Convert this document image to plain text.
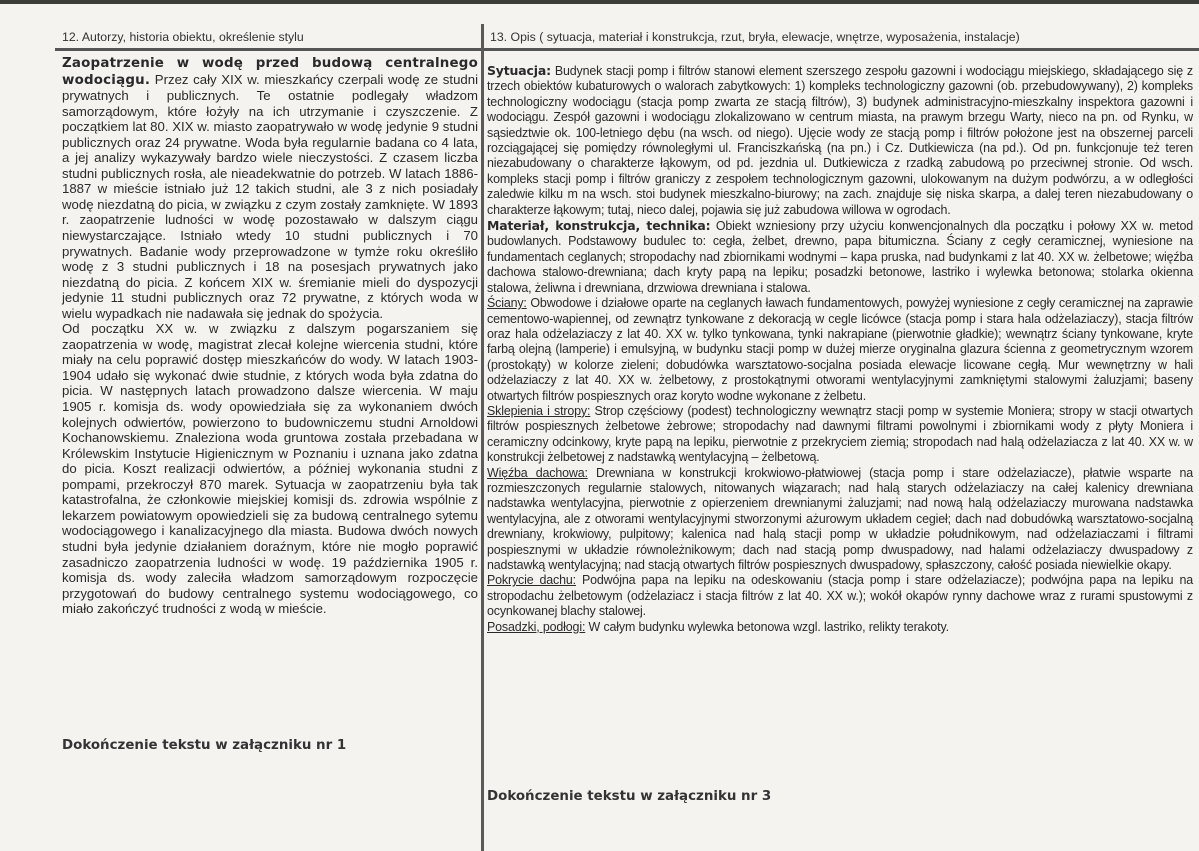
12. Autorzy, historia obiektu, określenie stylu	13. Opis ( sytuacja, materiał i konstrukcja, rzut, bryła, elewacje, wnętrze, wyposażenia, instalacje)

Zaopatrzenie w wodę przed budową centralnego wodociągu. Przez cały XIX w. mieszkańcy czerpali wodę ze studni prywatnych i publicznych. Te ostatnie podlegały władzom samorządowym, które łożyły na ich utrzymanie i czyszczenie. Z początkiem lat 80. XIX w. miasto zaopatrywało w wodę jedynie 9 studni publicznych oraz 24 prywatne. Woda była regularnie badana co 4 lata, a jej analizy wykazywały bardzo wiele nieczystości. Z czasem liczba studni publicznych rosła, ale nieadekwatnie do potrzeb. W latach 1886-1887 w mieście istniało już 12 takich studni, ale 3 z nich posiadały wodę niezdatną do picia, w związku z czym zostały zamknięte. W 1893 r. zaopatrzenie ludności w wodę pozostawało w dalszym ciągu niewystarczające. Istniało wtedy 10 studni publicznych i 70 prywatnych. Badanie wody przeprowadzone w tymże roku określiło wodę z 3 studni publicznych i 18 na posesjach prywatnych jako niezdatną do picia. Z końcem XIX w. śremianie mieli do dyspozycji jedynie 11 studni publicznych oraz 72 prywatne, z których woda w wielu wypadkach nie nadawała się jednak do spożycia.

Od początku XX w. w związku z dalszym pogarszaniem się zaopatrzenia w wodę, magistrat zlecał kolejne wiercenia studni, które miały na celu poprawić dostęp mieszkańców do wody. W latach 1903-1904 udało się wykonać dwie studnie, z których woda była zdatna do picia. W następnych latach prowadzono dalsze wiercenia. W maju 1905 r. komisja ds. wody opowiedziała się za wykonaniem dwóch kolejnych odwiertów, powierzono to budowniczemu studni Arnoldowi Kochanowskiemu. Znaleziona woda gruntowa została przebadana w Królewskim Instytucie Higienicznym w Poznaniu i uznana jako zdatna do picia. Koszt realizacji odwiertów, a później wykonania studni z pompami, przekroczył 870 marek. Sytuacja w zaopatrzeniu była tak katastrofalna, że członkowie miejskiej komisji ds. zdrowia wspólnie z lekarzem powiatowym opowiedzieli się za budową centralnego sytemu wodociągowego i kanalizacyjnego dla miasta. Budowa dwóch nowych studni była jedynie działaniem doraźnym, które nie mogło poprawić zasadniczo zaopatrzenia ludności w wodę. 19 października 1905 r. komisja ds. wody zaleciła władzom samorządowym rozpoczęcie przygotowań do budowy centralnego systemu wodociągowego, co miało zakończyć trudności z wodą w mieście.

Dokończenie tekstu w załączniku nr 1

Sytuacja: Budynek stacji pomp i filtrów stanowi element szerszego zespołu gazowni i wodociągu miejskiego, składającego się z trzech obiektów kubaturowych o walorach zabytkowych: 1) kompleks technologiczny gazowni (ob. przebudowywany), 2) kompleks technologiczny wodociągu (stacja pomp zwarta ze stacją filtrów), 3) budynek administracyjno-mieszkalny inspektora gazowni i wodociągu. Zespół gazowni i wodociągu zlokalizowano w centrum miasta, na prawym brzegu Warty, nieco na pn. od Rynku, w sąsiedztwie ok. 100-letniego dębu (na wsch. od niego). Ujęcie wody ze stacją pomp i filtrów położone jest na obszernej parceli rozciągającej się pomiędzy równoległymi ul. Franciszkańską (na pn.) i Cz. Dutkiewicza (na pd.). Od pn. funkcjonuje też teren niezabudowany o charakterze łąkowym, od pd. jezdnia ul. Dutkiewicza z rzadką zabudową po przeciwnej stronie. Od wsch. kompleks stacji pomp i filtrów graniczy z zespołem technologicznym gazowni, ulokowanym na dużym podwórzu, a w odległości zaledwie kilku m na wsch. stoi budynek mieszkalno-biurowy; na zach. znajduje się niska skarpa, a dalej teren niezabudowany o charakterze łąkowym; tutaj, nieco dalej, pojawia się już zabudowa willowa w ogrodach.

Materiał, konstrukcja, technika: Obiekt wzniesiony przy użyciu konwencjonalnych dla początku i połowy XX w. metod budowlanych. Podstawowy budulec to: cegła, żelbet, drewno, papa bitumiczna. Ściany z cegły ceramicznej, wyniesione na fundamentach ceglanych; stropodachy nad zbiornikami wodnymi – kapa pruska, nad budynkami z lat 40. XX w. żelbetowe; więźba dachowa stalowo-drewniana; dach kryty papą na lepiku; posadzki betonowe, lastriko i wylewka betonowa; stolarka okienna stalowa, żeliwna i drewniana, drzwiowa drewniana i stalowa.

Ściany: Obwodowe i działowe oparte na ceglanych ławach fundamentowych, powyżej wyniesione z cegły ceramicznej na zaprawie cementowo-wapiennej, od zewnątrz tynkowane z dekoracją w cegle licówce (stacja pomp i stara hala odżelaziaczy), stacja filtrów oraz hala odżelaziaczy z lat 40. XX w. tylko tynkowana, tynki nakrapiane (pierwotnie gładkie); wewnątrz ściany tynkowane, kryte farbą olejną (lamperie) i emulsyjną, w budynku stacji pomp w dużej mierze oryginalna glazura ścienna z geometrycznym wzorem (prostokąty) w kolorze zieleni; dobudówka warsztatowo-socjalna posiada elewacje licowane cegłą. Mur wewnętrzny w hali odżelaziaczy z lat 40. XX w. żelbetowy, z prostokątnymi otworami wentylacyjnymi zamkniętymi stalowymi żaluzjami; baseny otwartych filtrów pospiesznych oraz koryto wodne wykonane z żelbetu.

Sklepienia i stropy: Strop częściowy (podest) technologiczny wewnątrz stacji pomp w systemie Moniera; stropy w stacji otwartych filtrów pospiesznych żelbetowe żebrowe; stropodachy nad dawnymi filtrami powolnymi i zbiornikami wody z płyty Moniera i ceramiczny odcinkowy, kryte papą na lepiku, pierwotnie z przekryciem ziemią; stropodach nad halą odżelaziacza z lat 40. XX w. w konstrukcji żelbetowej z nadstawką wentylacyjną – żelbetową.

Więźba dachowa: Drewniana w konstrukcji krokwiowo-płatwiowej (stacja pomp i stare odżelaziacze), płatwie wsparte na rozmieszczonych regularnie stalowych, nitowanych wiązarach; nad halą starych odżelaziaczy na całej kalenicy drewniana nadstawka wentylacyjna, pierwotnie z opierzeniem drewnianymi żaluzjami; nad nową halą odżelaziaczy murowana nadstawka wentylacyjna, ale z otworami wentylacyjnymi stworzonymi ażurowym układem cegieł; dach nad dobudówką warsztatowo-socjalną drewniany, krokwiowy, pulpitowy; kalenica nad halą stacji pomp w układzie południkowym, nad odżelaziaczami i filtrami pospiesznymi w układzie równoleżnikowym; dach nad stacją pomp dwuspadowy, nad halami odżelaziaczy dwuspadowy z nadstawką wentylacyjną; nad stacją otwartych filtrów pospiesznych dwuspadowy, spłaszczony, całość posiada niewielkie okapy.

Pokrycie dachu: Podwójna papa na lepiku na odeskowaniu (stacja pomp i stare odżelaziacze); podwójna papa na lepiku na stropodachu żelbetowym (odżelaziacz i stacja filtrów z lat 40. XX w.); wokół okapów rynny dachowe wraz z rurami spustowymi z ocynkowanej blachy stalowej.

Posadzki, podłogi: W całym budynku wylewka betonowa wzgl. lastriko, relikty terakoty.

Dokończenie tekstu w załączniku nr 3
